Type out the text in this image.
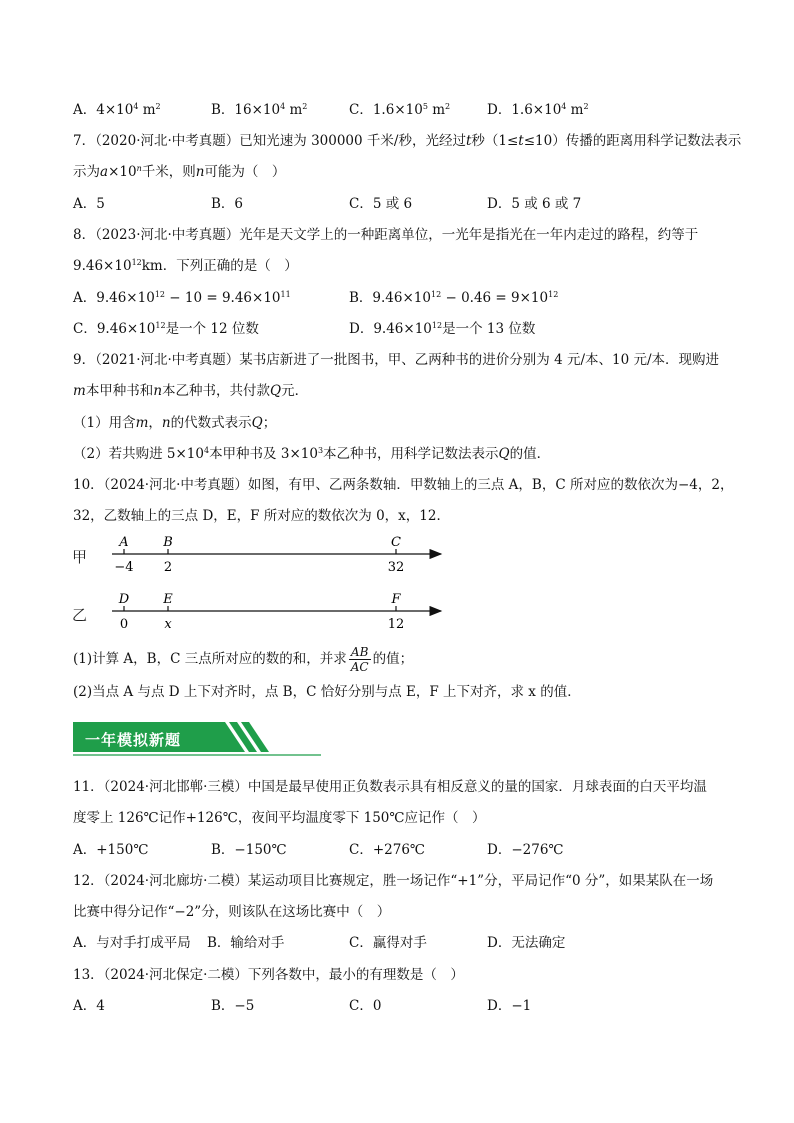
A．$4\times 10^4$ $m^2$	B．$16\times 10^4$ $m^2$	C．$1.6\times 10^5$ $m^2$	D．$1.6\times 10^4$ $m^2$
7．（2020·河北·中考真题）已知光速为 300000 千米/秒，光经过t秒（1≤t≤10）传播的距离用科学记数法表示
示为$a\times 10^n$千米，则n可能为（　）
A．5	B．6	C．5 或 6	D．5 或 6 或 7
8．（2023·河北·中考真题）光年是天文学上的一种距离单位，一光年是指光在一年内走过的路程，约等于
$9.46\times 10^{12}km$．下列正确的是（　）
A．$9.46\times 10^{12} - 10 = 9.46\times 10^{11}$	B．$9.46\times 10^{12} - 0.46 = 9\times 10^{12}$
C．$9.46\times 10^{12}$是一个 12 位数	D．$9.46\times 10^{12}$是一个 13 位数
9．（2021·河北·中考真题）某书店新进了一批图书，甲、乙两种书的进价分别为 4 元/本、10 元/本．现购进
m本甲种书和n本乙种书，共付款Q元．
（1）用含m，n的代数式表示Q；
（2）若共购进 $5\times 10^4$本甲种书及 $3\times 10^3$本乙种书，用科学记数法表示Q的值．
10．（2024·河北·中考真题）如图，有甲、乙两条数轴．甲数轴上的三点 A，B，C 所对应的数依次为−4，2，
32，乙数轴上的三点 D，E，F 所对应的数依次为 0，x，12．
甲
A	B	C
−4 2	32
乙
D	E	F
0	x	12
(1)计算 A，B，C 三点所对应的数的和，并求 $\frac{AB}{AC}$ 的值；
(2)当点 A 与点 D 上下对齐时，点 B，C 恰好分别与点 E，F 上下对齐，求 x 的值．
一年模拟新题
11．（2024·河北邯郸·三模）中国是最早使用正负数表示具有相反意义的量的国家．月球表面的白天平均温
度零上 126℃记作+126℃，夜间平均温度零下 150℃应记作（　）
A．+150℃	B．−150℃	C．+276℃	D．−276℃
12．（2024·河北廊坊·二模）某运动项目比赛规定，胜一场记作“+1”分，平局记作“0 分”，如果某队在一场
比赛中得分记作“−2”分，则该队在这场比赛中（　）
A．与对手打成平局 B．输给对手	C．赢得对手	D．无法确定
13．（2024·河北保定·二模）下列各数中，最小的有理数是（　）
A．4	B．−5	C．0	D．−1
